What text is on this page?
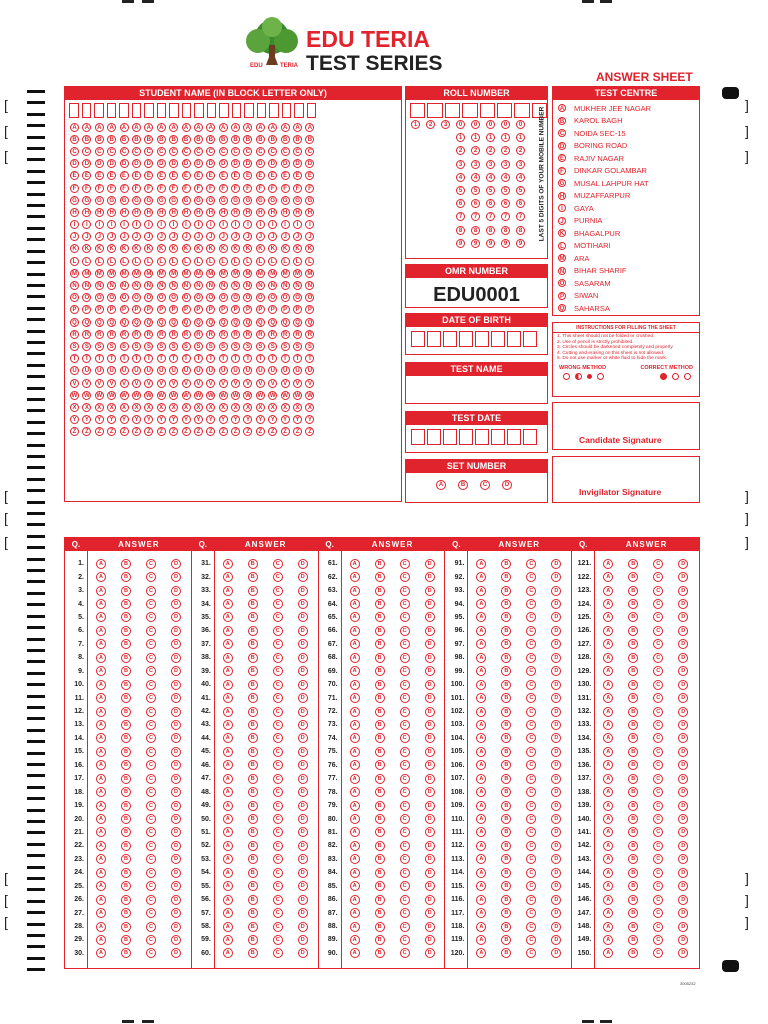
EDU	TERIA
EDU TERIA
TEST SERIES
ANSWER SHEET
STUDENT NAME (IN BLOCK LETTER ONLY)
A	A	A	A	A	A	A	A	A	A	A	A	A	A	A	A	A	A	A	A
B	B	B	B	B	B	B	B	B	B	B	B	B	B	B	B	B	B	B	B
C	C	C	C	C	C	C	C	C	C	C	C	C	C	C	C	C	C	C	C
D	D	D	D	D	D	D	D	D	D	D	D	D	D	D	D	D	D	D	D
E	E	E	E	E	E	E	E	E	E	E	E	E	E	E	E	E	E	E	E
F	F	F	F	F	F	F	F	F	F	F	F	F	F	F	F	F	F	F	F
G	G	G	G	G	G	G	G	G	G	G	G	G	G	G	G	G	G	G	G
H	H	H	H	H	H	H	H	H	H	H	H	H	H	H	H	H	H	H	H
I	I	I	I	I	I	I	I	I	I	I	I	I	I	I	I	I	I	I	I
J	J	J	J	J	J	J	J	J	J	J	J	J	J	J	J	J	J	J	J
K	K	K	K	K	K	K	K	K	K	K	K	K	K	K	K	K	K	K	K
L	L	L	L	L	L	L	L	L	L	L	L	L	L	L	L	L	L	L	L
M	M	M	M	M	M	M	M	M	M	M	M	M	M	M	M	M	M	M	M
N	N	N	N	N	N	N	N	N	N	N	N	N	N	N	N	N	N	N	N
O	O	O	O	O	O	O	O	O	O	O	O	O	O	O	O	O	O	O	O
P	P	P	P	P	P	P	P	P	P	P	P	P	P	P	P	P	P	P	P
Q	Q	Q	Q	Q	Q	Q	Q	Q	Q	Q	Q	Q	Q	Q	Q	Q	Q	Q	Q
R	R	R	R	R	R	R	R	R	R	R	R	R	R	R	R	R	R	R	R
S	S	S	S	S	S	S	S	S	S	S	S	S	S	S	S	S	S	S	S
T	T	T	T	T	T	T	T	T	T	T	T	T	T	T	T	T	T	T	T
U	U	U	U	U	U	U	U	U	U	U	U	U	U	U	U	U	U	U	U
V	V	V	V	V	V	V	V	V	V	V	V	V	V	V	V	V	V	V	V
W W W W W W W W W W W W W W W W W W W W
X	X	X	X	X	X	X	X	X	X	X	X	X	X	X	X	X	X	X	X
Y	Y	Y	Y	Y	Y	Y	Y	Y	Y	Y	Y	Y	Y	Y	Y	Y	Y	Y	Y
Z	Z	Z	Z	Z	Z	Z	Z	Z	Z	Z	Z	Z	Z	Z	Z	Z	Z	Z	Z
ROLL NUMBER
1	2	3	0	0	0	0	0
1	1	1	1	1
2	2	2	2	2
3	3	3	3	3
4	4	4	4	4
5	5	5	5	5
6	6	6	6	6
7	7	7	7	7
8	8	8	8	8
9	9	9	9	9
LAST 5 DIGITS OF YOUR MOBILE NUMBER
TEST CENTRE
A MUKHER JEE NAGAR
B KAROL BAGH
C NOIDA SEC-15
D BORING ROAD
E RAJIV NAGAR
F DINKAR GOLAMBAR
G MUSAL LAHPUR HAT
H MUZAFFARPUR
I	GAYA
J	PURNIA
K BHAGALPUR
L MOTIHARI
M ARA
N BIHAR SHARIF
O SASARAM
P SIWAN
Q SAHARSA
OMR NUMBER
EDU0001
DATE OF BIRTH
TEST NAME
TEST DATE
SET NUMBER
A	B	C	D
INSTRUCTIONS FOR FILLING THE SHEET
1. This sheet should not be folded or crushed.
2. Use of pencil is strictly prohibited.
3. Circles should be darkened completely and properly.
4. Cutting and erasing on this sheet is not allowed.
5. Do not use marker or white fluid to hide the mark.
WRONG METHOD	CORRECT METHOD
Candidate Signature
Invigilator Signature
Q.	ANSWER
1.	A	B	C	D
2.	A	B	C	D
3.	A	B	C	D
4.	A	B	C	D
5.	A	B	C	D
6.	A	B	C	D
7.	A	B	C	D
8.	A	B	C	D
9.	A	B	C	D
10.	A	B	C	D
11.	A	B	C	D
12.	A	B	C	D
13.	A	B	C	D
14.	A	B	C	D
15.	A	B	C	D
16.	A	B	C	D
17.	A	B	C	D
18.	A	B	C	D
19.	A	B	C	D
20.	A	B	C	D
21.	A	B	C	D
22.	A	B	C	D
23.	A	B	C	D
24.	A	B	C	D
25.	A	B	C	D
26.	A	B	C	D
27.	A	B	C	D
28.	A	B	C	D
29.	A	B	C	D
30.	A	B	C	D
Q.	ANSWER
31.	A	B	C	D
32.	A	B	C	D
33.	A	B	C	D
34.	A	B	C	D
35.	A	B	C	D
36.	A	B	C	D
37.	A	B	C	D
38.	A	B	C	D
39.	A	B	C	D
40.	A	B	C	D
41.	A	B	C	D
42.	A	B	C	D
43.	A	B	C	D
44.	A	B	C	D
45.	A	B	C	D
46.	A	B	C	D
47.	A	B	C	D
48.	A	B	C	D
49.	A	B	C	D
50.	A	B	C	D
51.	A	B	C	D
52.	A	B	C	D
53.	A	B	C	D
54.	A	B	C	D
55.	A	B	C	D
56.	A	B	C	D
57.	A	B	C	D
58.	A	B	C	D
59.	A	B	C	D
60.	A	B	C	D
Q.	ANSWER
61.	A	B	C	D
62.	A	B	C	D
63.	A	B	C	D
64.	A	B	C	D
65.	A	B	C	D
66.	A	B	C	D
67.	A	B	C	D
68.	A	B	C	D
69.	A	B	C	D
70.	A	B	C	D
71.	A	B	C	D
72.	A	B	C	D
73.	A	B	C	D
74.	A	B	C	D
75.	A	B	C	D
76.	A	B	C	D
77.	A	B	C	D
78.	A	B	C	D
79.	A	B	C	D
80.	A	B	C	D
81.	A	B	C	D
82.	A	B	C	D
83.	A	B	C	D
84.	A	B	C	D
85.	A	B	C	D
86.	A	B	C	D
87.	A	B	C	D
88.	A	B	C	D
89.	A	B	C	D
90.	A	B	C	D
Q.	ANSWER
91.	A	B	C	D
92.	A	B	C	D
93.	A	B	C	D
94.	A	B	C	D
95.	A	B	C	D
96.	A	B	C	D
97.	A	B	C	D
98.	A	B	C	D
99.	A	B	C	D
100.	A	B	C	D
101.	A	B	C	D
102.	A	B	C	D
103.	A	B	C	D
104.	A	B	C	D
105.	A	B	C	D
106.	A	B	C	D
107.	A	B	C	D
108.	A	B	C	D
109.	A	B	C	D
110.	A	B	C	D
111.	A	B	C	D
112.	A	B	C	D
113.	A	B	C	D
114.	A	B	C	D
115.	A	B	C	D
116.	A	B	C	D
117.	A	B	C	D
118.	A	B	C	D
119.	A	B	C	D
120.	A	B	C	D
Q.	ANSWER
121.	A	B	C	D
122.	A	B	C	D
123.	A	B	C	D
124.	A	B	C	D
125.	A	B	C	D
126.	A	B	C	D
127.	A	B	C	D
128.	A	B	C	D
129.	A	B	C	D
130.	A	B	C	D
131.	A	B	C	D
132.	A	B	C	D
133.	A	B	C	D
134.	A	B	C	D
135.	A	B	C	D
136.	A	B	C	D
137.	A	B	C	D
138.	A	B	C	D
139.	A	B	C	D
140.	A	B	C	D
141.	A	B	C	D
142.	A	B	C	D
143.	A	B	C	D
144.	A	B	C	D
145.	A	B	C	D
146.	A	B	C	D
147.	A	B	C	D
148.	A	B	C	D
149.	A	B	C	D
150.	A	B	C	D
3005232
[
[
[
[
[
[
[
[
[
]
]
]
]
]
]
]
]
]
